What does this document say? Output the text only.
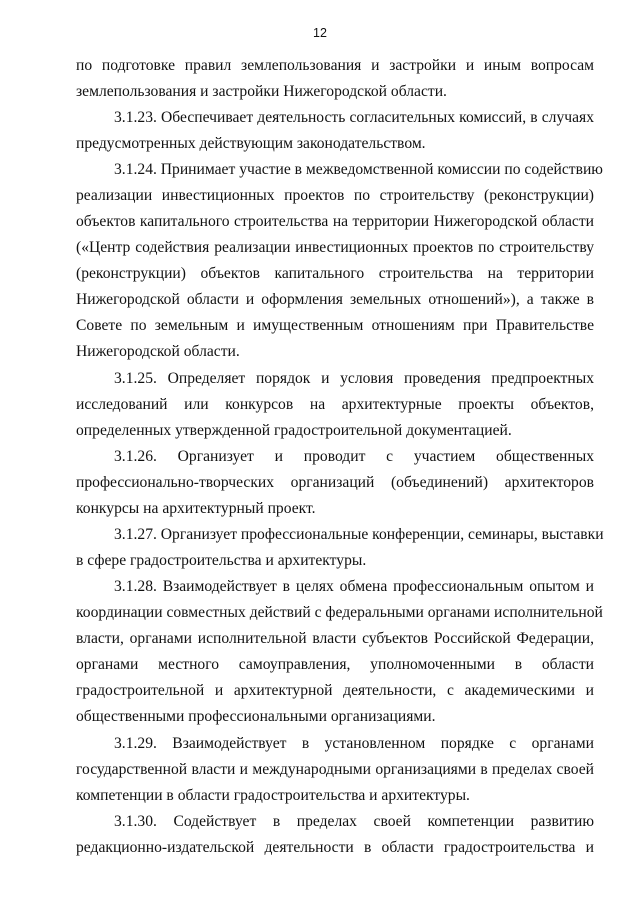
12
по подготовке правил землепользования и застройки и иным вопросам
землепользования и застройки Нижегородской области.
3.1.23. Обеспечивает деятельность согласительных комиссий, в случаях
предусмотренных действующим законодательством.
3.1.24. Принимает участие в межведомственной комиссии по содействию
реализации инвестиционных проектов по строительству (реконструкции)
объектов капитального строительства на территории Нижегородской области
(«Центр содействия реализации инвестиционных проектов по строительству
(реконструкции) объектов капитального строительства на территории
Нижегородской области и оформления земельных отношений»), а также в
Совете по земельным и имущественным отношениям при Правительстве
Нижегородской области.
3.1.25. Определяет порядок и условия проведения предпроектных
исследований или конкурсов на архитектурные проекты объектов,
определенных утвержденной градостроительной документацией.
3.1.26. Организует и проводит с участием общественных
профессионально-творческих организаций (объединений) архитекторов
конкурсы на архитектурный проект.
3.1.27. Организует профессиональные конференции, семинары, выставки
в сфере градостроительства и архитектуры.
3.1.28. Взаимодействует в целях обмена профессиональным опытом и
координации совместных действий с федеральными органами исполнительной
власти, органами исполнительной власти субъектов Российской Федерации,
органами местного самоуправления, уполномоченными в области
градостроительной и архитектурной деятельности, с академическими и
общественными профессиональными организациями.
3.1.29. Взаимодействует в установленном порядке с органами
государственной власти и международными организациями в пределах своей
компетенции в области градостроительства и архитектуры.
3.1.30. Содействует в пределах своей компетенции развитию
редакционно-издательской деятельности в области градостроительства и
